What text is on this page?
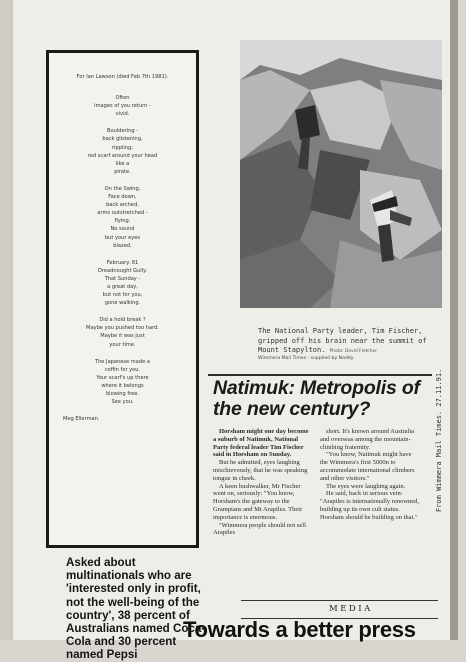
For Ian Lawson (died Feb 7th 1981).
Often
images of you return -
vivid.
Bouldering -
back glistening,
rippling;
red scarf around your head
like a
pirate.
On the Swing,
Face down,
back arched,
arms outstretched -
flying.
No sound
but your eyes
blazed.
February. 81
Dreadnought Gully.
That Sunday -
a great day,
but not for you,
gone walking.
Did a hold break ?
Maybe you pushed too hard.
Maybe it was just
your time.
The Japanese made a
coffin for you.
Your scarf's up there
where it belongs
blowing free.
See you.
Meg Ellerman.
The National Party leader, Tim Fischer, gripped off his brain near the summit of Mount Stapylton. Photo: David Fletcher
Wimmera Mail Times - supplied by Noddy.
Natimuk: Metropolis of the new century?

Horsham might one day become a suburb of Natimuk, National Party federal leader Tim Fischer said in Horsham on Sunday.

But he admitted, eyes laughing mischievously, that he was speaking tongue in cheek.

A keen bushwalker, Mr Fischer went on, seriously: "You know, Horsham's the gateway to the Grampians and Mt Arapiles. Their importance is enormous.

"Wimmera people should not sell Arapiles

short. It's known around Australia and overseas among the mountain-climbing fraternity.

"You know, Natimuk might have the Wimmera's first 5000n to accommodate international climbers and other visitors."

The eyes were laughing again.

He said, back in serious vein: "Arapiles is internationally renowned, building up its own cult status. Horsham should be building on that."

From Wimmera Mail Times. 27.11.91.
Asked about multinationals who are 'interested only in profit, not the well-being of the country', 38 percent of Australians named Coca-Cola and 30 percent named Pepsi
MEDIA
Towards a better press
